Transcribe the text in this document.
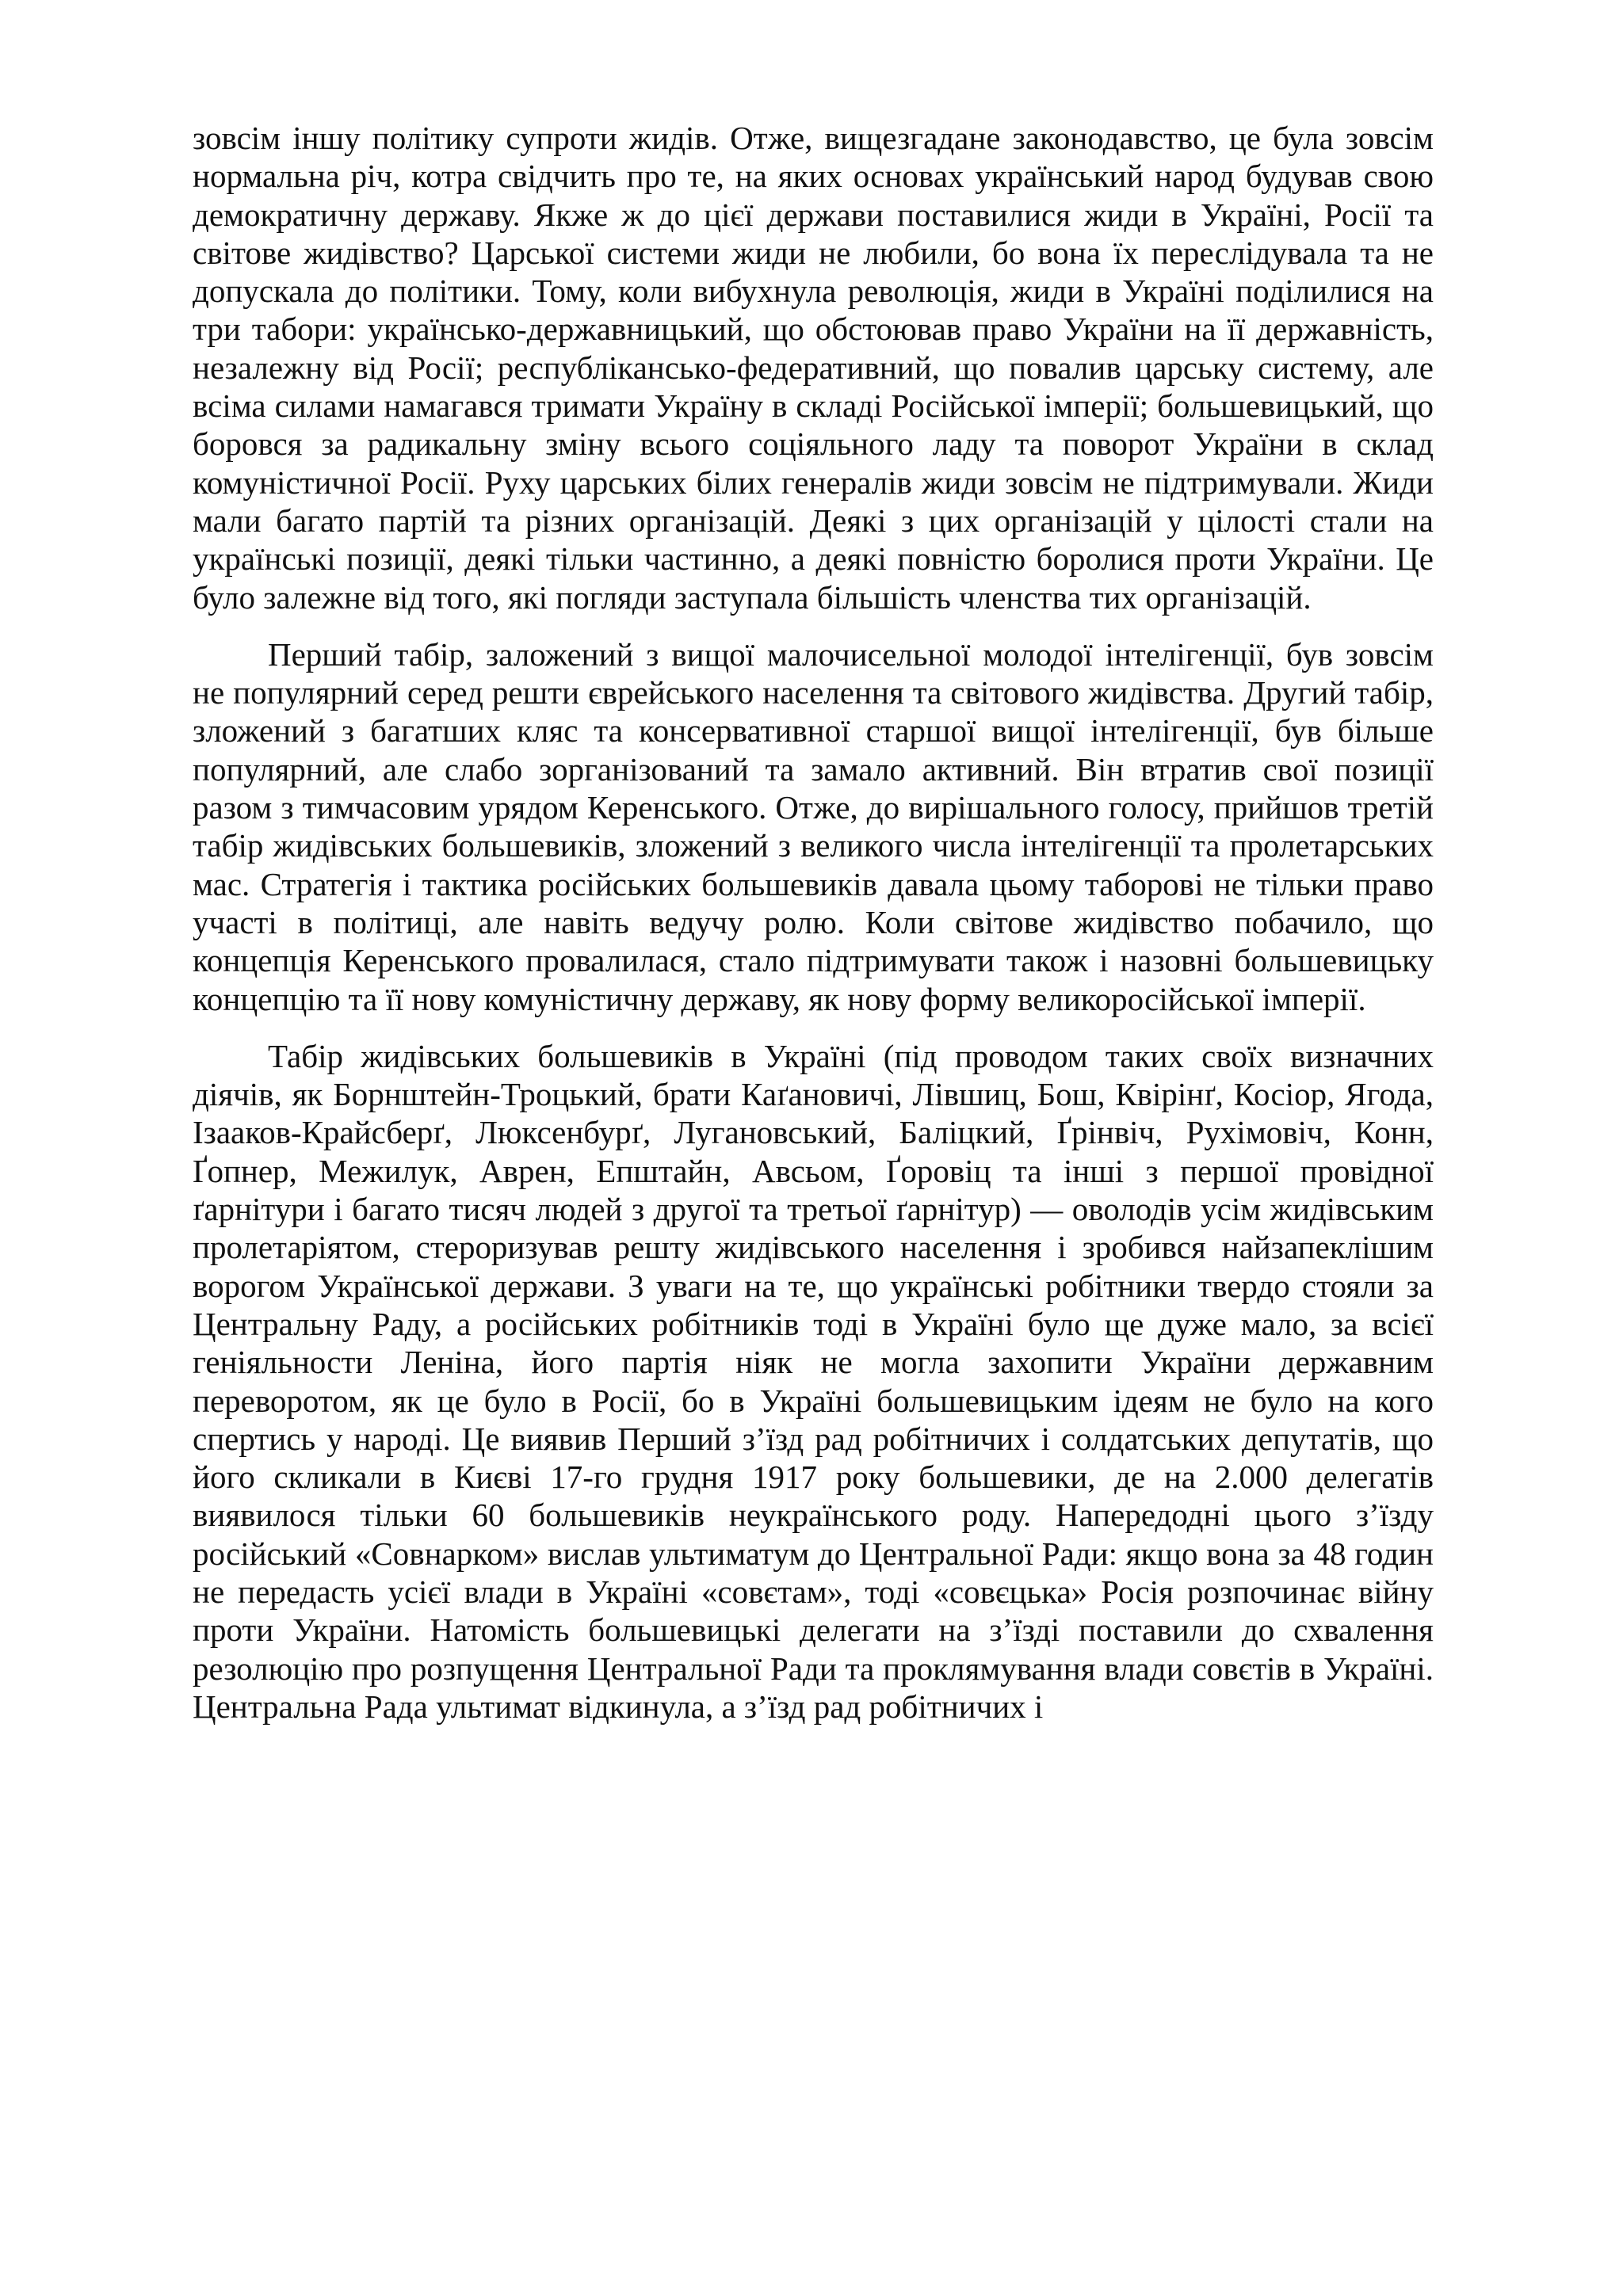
зовсім іншу політику супроти жидів. Отже, вищезгадане законодавство, це була зовсім нормальна річ, котра свідчить про те, на яких основах український народ будував свою демократичну державу. Якже ж до цієї держави поставилися жиди в Україні, Росії та світове жидівство? Царської системи жиди не любили, бо вона їх переслідувала та не допускала до політики. Тому, коли вибухнула революція, жиди в Україні поділилися на три табори: українсько-державницький, що обстоював право України на її державність, незалежну від Росії; республіканськo-федеративний, що повалив царську систему, але всіма силами намагався тримати Україну в складі Російської імперії; большевицький, що боровся за радикальну зміну всього соціяльного ладу та поворот України в склад комуністичної Росії. Руху царських білих генералів жиди зовсім не підтримували. Жиди мали багато партій та різних організацій. Деякі з цих організацій у цілості стали на українські позиції, деякі тільки частинно, а деякі повністю боролися проти України. Це було залежне від того, які погляди заступала більшість членства тих організацій.

Перший табір, заложений з вищої малочисельної молодої інтелігенції, був зовсім не популярний серед решти єврейського населення та світового жидівства. Другий табір, зложений з багатших кляс та консервативної старшої вищої інтелігенції, був більше популярний, але слабо зорганізований та замало активний. Він втратив свої позиції разом з тимчасовим урядом Керенського. Отже, до вирішального голосу, прийшов третій табір жидівських большевиків, зложений з великого числа інтелігенції та пролетарських мас. Стратегія і тактика російських большевиків давала цьому таборові не тільки право участі в політиці, але навіть ведучу ролю. Коли світове жидівство побачило, що концепція Керенського провалилася, стало підтримувати також і назовні большевицьку концепцію та її нову комуністичну державу, як нову форму великоросійської імперії.

Табір жидівських большевиків в Україні (під проводом таких своїх визначних діячів, як Борнштейн-Троцький, брати Каґановичі, Лівшиц, Бош, Квірінґ, Косіор, Ягода, Ізааков-Крайсберґ, Люксенбурґ, Лугановський, Баліцкий, Ґрінвіч, Рухімовіч, Конн, Ґопнер, Межилук, Аврен, Епштайн, Авсьом, Ґоровіц та інші з першої провідної ґарнітури і багато тисяч людей з другої та третьої ґарнітур) — оволодів усім жидівським пролетаріятом, стероризував решту жидівського населення і зробився найзапеклішим ворогом Української держави. З уваги на те, що українські робітники твердо стояли за Центральну Раду, а російських робітників тоді в Україні було ще дуже мало, за всієї геніяльности Леніна, його партія ніяк не могла захопити України державним переворотом, як це було в Росії, бо в Україні большевицьким ідеям не було на кого спертись у народі. Це виявив Перший з’їзд рад робітничих і солдатських депутатів, що його скликали в Києві 17-го грудня 1917 року большевики, де на 2.000 делегатів виявилося тільки 60 большевиків неукраїнського роду. Напередодні цього з’їзду російський «Совнарком» вислав ультиматум до Центральної Ради: якщо вона за 48 годин не передасть усієї влади в Україні «совєтам», тоді «совєцька» Росія розпочинає війну проти України. Натомість большевицькі делегати на з’їзді поставили до схвалення резолюцію про розпущення Центральної Ради та проклямування влади совєтів в Україні. Центральна Рада ультимат відкинула, а з’їзд рад робітничих і
